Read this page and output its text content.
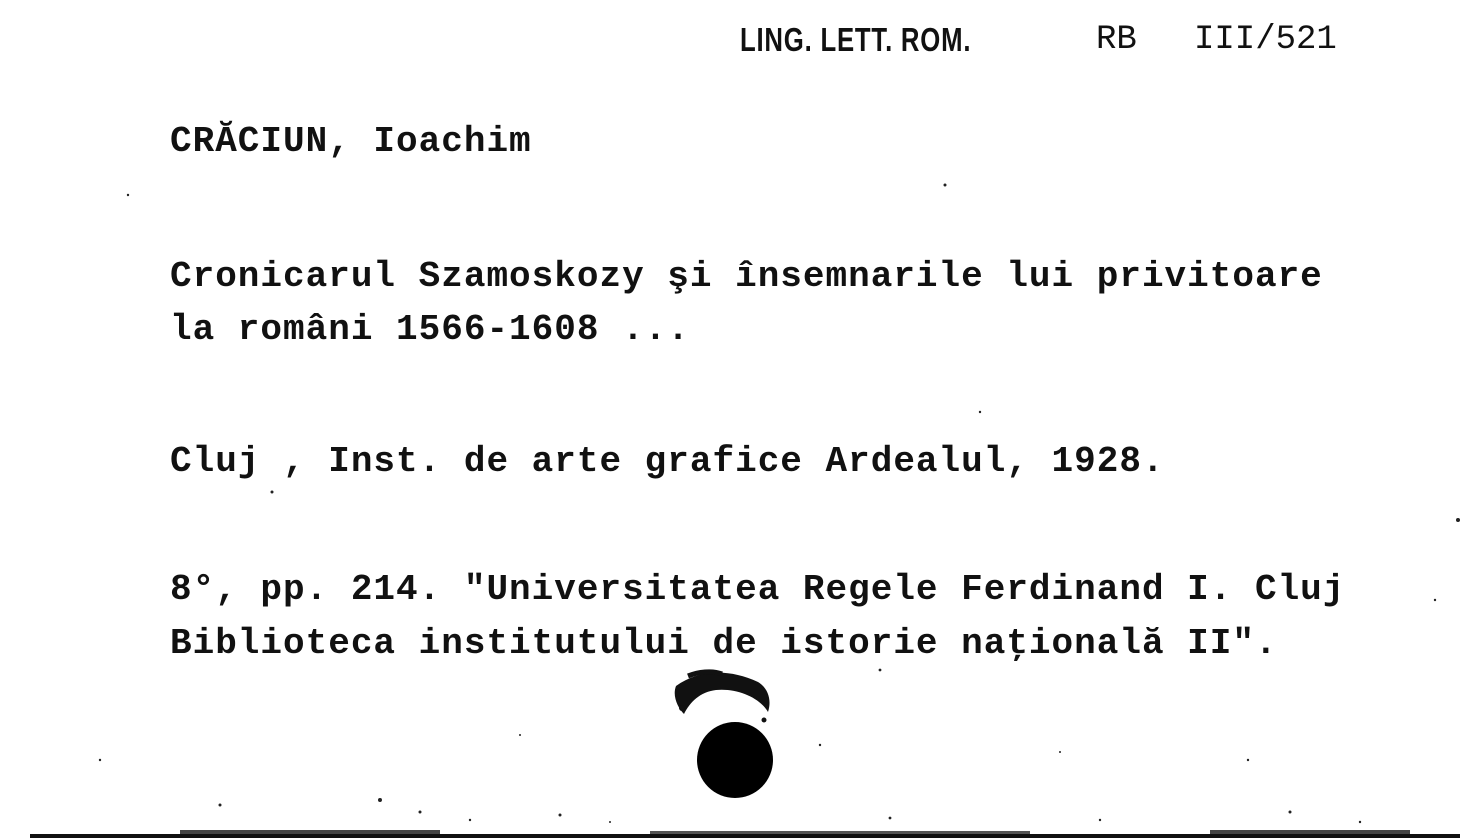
LING. LETT. ROM.	RB III/521
CRĂCIUN, Ioachim
Cronicarul Szamoskozy şi însemnarile lui privitoare
la români 1566-1608 ...
Cluj , Inst. de arte grafice Ardealul, 1928.
8°, pp. 214. "Universitatea Regele Ferdinand I. Cluj
Biblioteca institutului de istorie naţională II".
